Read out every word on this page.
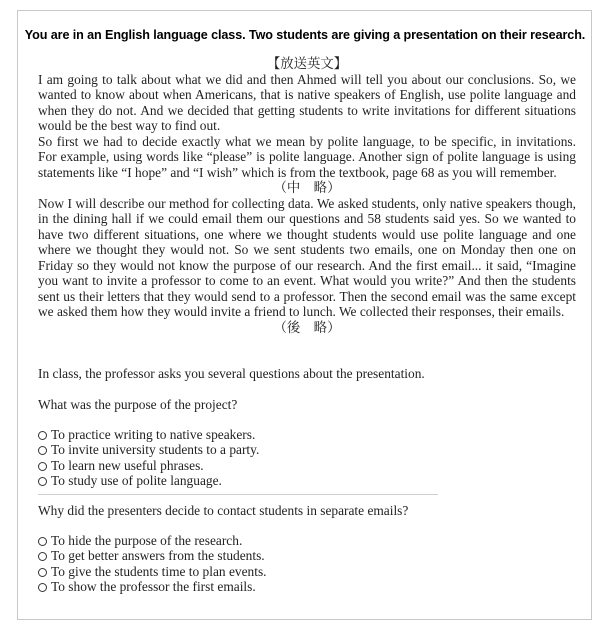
You are in an English language class. Two students are giving a presentation on their research.

【放送英文】

I am going to talk about what we did and then Ahmed will tell you about our conclusions. So, we wanted to know about when Americans, that is native speakers of English, use polite language and when they do not. And we decided that getting students to write invitations for different situations would be the best way to find out.

So first we had to decide exactly what we mean by polite language, to be specific, in invitations. For example, using words like “please” is polite language. Another sign of polite language is using statements like “I hope” and “I wish” which is from the textbook, page 68 as you will remember.

（中　略）

Now I will describe our method for collecting data. We asked students, only native speakers though, in the dining hall if we could email them our questions and 58 students said yes. So we wanted to have two different situations, one where we thought students would use polite language and one where we thought they would not. So we sent students two emails, one on Monday then one on Friday so they would not know the purpose of our research. And the first email... it said, “Imagine you want to invite a professor to come to an event. What would you write?” And then the students sent us their letters that they would send to a professor. Then the second email was the same except we asked them how they would invite a friend to lunch. We collected their responses, their emails.

（後　略）

In class, the professor asks you several questions about the presentation.
What was the purpose of the project?
To practice writing to native speakers.
To invite university students to a party.
To learn new useful phrases.
To study use of polite language.
Why did the presenters decide to contact students in separate emails?
To hide the purpose of the research.
To get better answers from the students.
To give the students time to plan events.
To show the professor the first emails.
